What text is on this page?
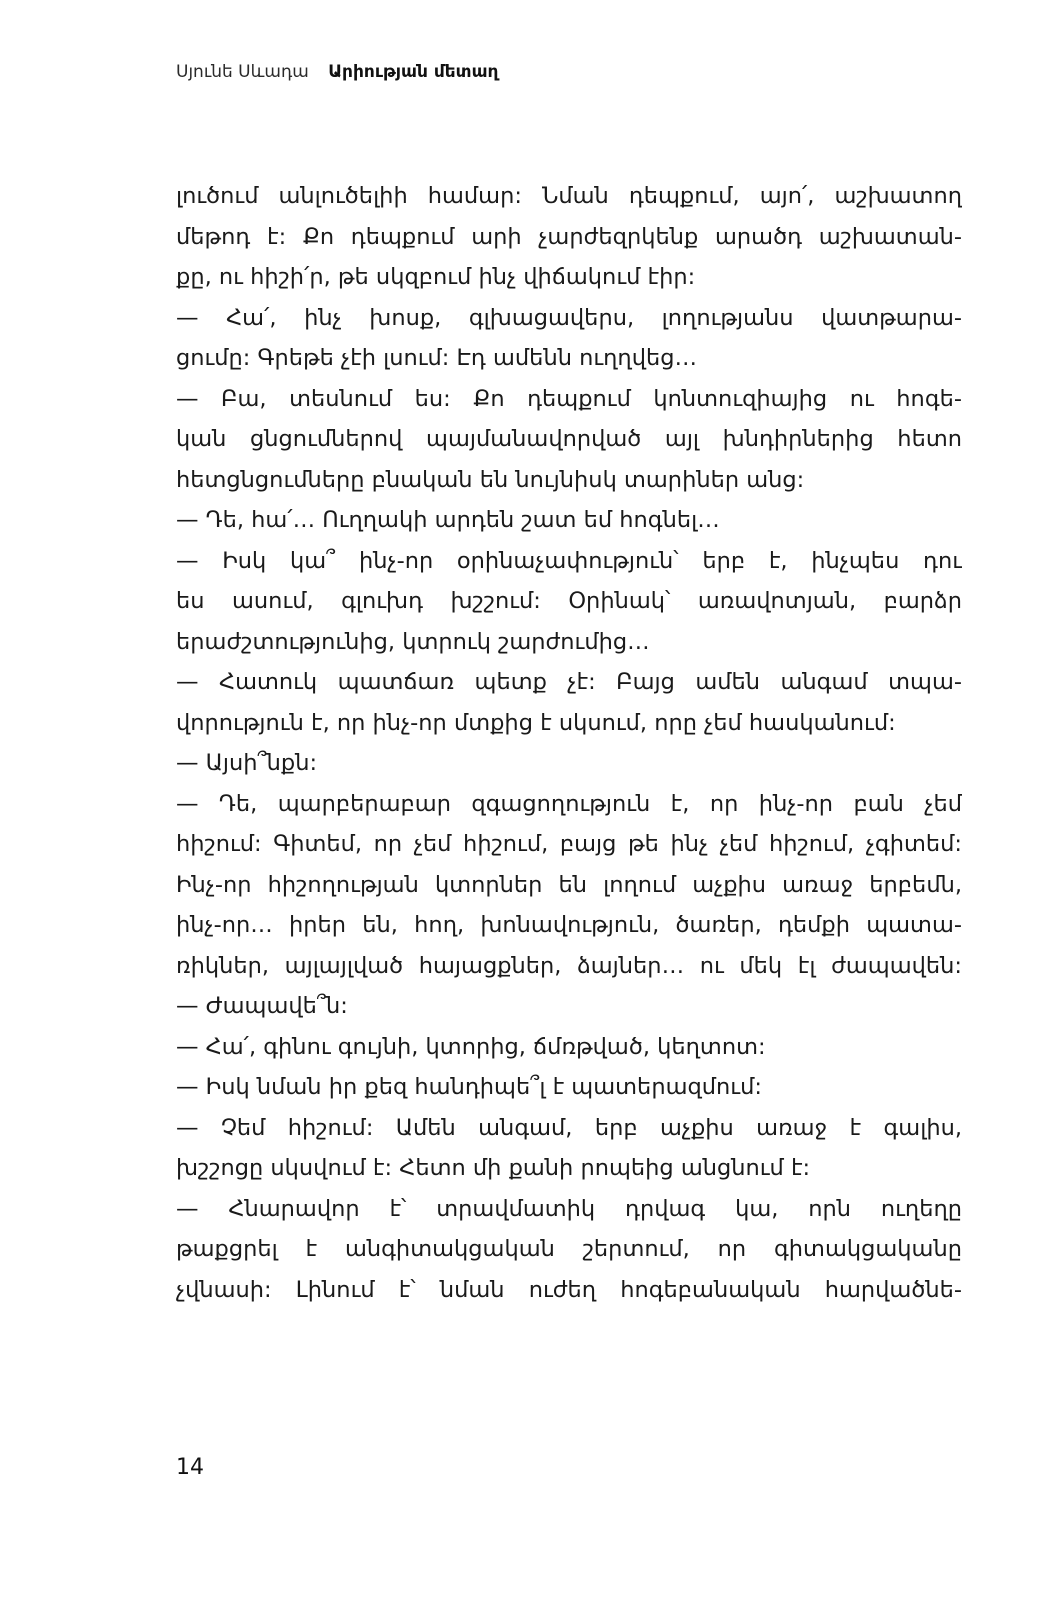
Սյունե Սևադա Արիության մետաղ
լուծում անլուծելիի համար: Նման դեպքում, այո՛, աշխատող
մեթոդ է: Քո դեպքում արի չարժեզրկենք արածդ աշխատան-
քը, ու հիշի՛ր, թե սկզբում ինչ վիճակում էիր:
— Հա՛, ինչ խոսք, գլխացավերս, լողությանս վատթարա-
ցումը: Գրեթե չէի լսում: Էդ ամենն ուղղվեց…
— Բա, տեսնում ես: Քո դեպքում կոնտուզիայից ու հոգե-
կան ցնցումներով պայմանավորված այլ խնդիրներից հետո
հետցնցումները բնական են նույնիսկ տարիներ անց:
— Դե, հա՛… Ուղղակի արդեն շատ եմ հոգնել…
— Իսկ կա՞ ինչ-որ օրինաչափություն՝ երբ է, ինչպես դու
ես ասում, գլուխդ խշշում: Օրինակ՝ առավոտյան, բարձր
երաժշտությունից, կտրուկ շարժումից…
— Հատուկ պատճառ պետք չէ: Բայց ամեն անգամ տպա-
վորություն է, որ ինչ-որ մտքից է սկսում, որը չեմ հասկանում:
— Այսի՞նքն:
— Դե, պարբերաբար զգացողություն է, որ ինչ-որ բան չեմ
հիշում: Գիտեմ, որ չեմ հիշում, բայց թե ինչ չեմ հիշում, չգիտեմ:
Ինչ-որ հիշողության կտորներ են լողում աչքիս առաջ երբեմն,
ինչ-որ… իրեր են, հող, խոնավություն, ծառեր, դեմքի պատա-
ռիկներ, այլայլված հայացքներ, ձայներ… ու մեկ էլ ժապավեն:
— Ժապավե՞ն:
— Հա՛, գինու գույնի, կտորից, ճմռթված, կեղտոտ:
— Իսկ նման իր քեզ հանդիպե՞լ է պատերազմում:
— Չեմ հիշում: Ամեն անգամ, երբ աչքիս առաջ է գալիս,
խշշոցը սկսվում է: Հետո մի քանի րոպեից անցնում է:
— Հնարավոր է՝ տրավմատիկ դրվագ կա, որն ուղեղը
թաքցրել է անգիտակցական շերտում, որ գիտակցականը
չվնասի: Լինում է՝ նման ուժեղ հոգեբանական հարվածնե-
14
